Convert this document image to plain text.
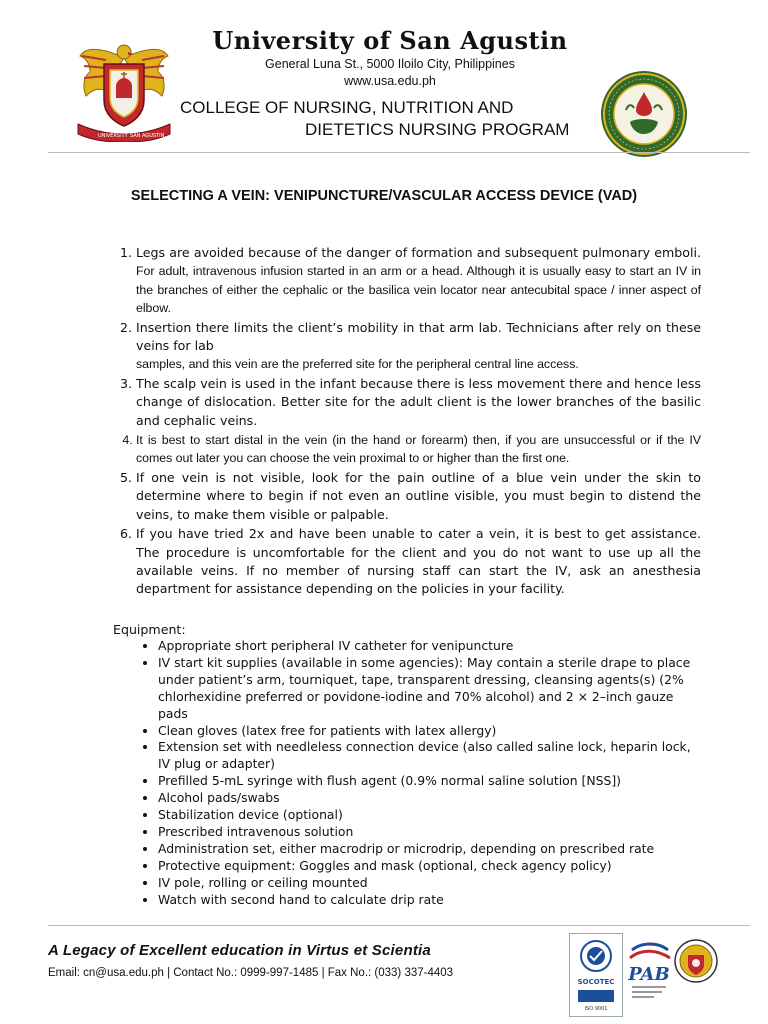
UNIVERSITY SAN AGUSTIN
University of San Agustin
General Luna St., 5000 Iloilo City, Philippines
www.usa.edu.ph
COLLEGE OF NURSING, NUTRITION AND
DIETETICS NURSING PROGRAM
SELECTING A VEIN: VENIPUNCTURE/VASCULAR ACCESS DEVICE (VAD)
1. Legs are avoided because of the danger of formation and subsequent pulmonary emboli. For adult, intravenous infusion started in an arm or a head. Although it is usually easy to start an IV in the branches of either the cephalic or the basilica vein locator near antecubital space / inner aspect of elbow.
2. Insertion there limits the client’s mobility in that arm lab. Technicians after rely on these veins for lab
samples, and this vein are the preferred site for the peripheral central line access.
3. The scalp vein is used in the infant because there is less movement there and hence less change of dislocation. Better site for the adult client is the lower branches of the basilic and cephalic veins.
4. It is best to start distal in the vein (in the hand or forearm) then, if you are unsuccessful or if the IV comes out later you can choose the vein proximal to or higher than the first one.
5. If one vein is not visible, look for the pain outline of a blue vein under the skin to determine where to begin if not even an outline visible, you must begin to distend the veins, to make them visible or palpable.
6. If you have tried 2x and have been unable to cater a vein, it is best to get assistance. The procedure is uncomfortable for the client and you do not want to use up all the available veins. If no member of nursing staff can start the IV, ask an anesthesia department for assistance depending on the policies in your facility.
Equipment:
• Appropriate short peripheral IV catheter for venipuncture
• IV start kit supplies (available in some agencies): May contain a sterile drape to place under patient’s arm, tourniquet, tape, transparent dressing, cleansing agents(s) (2% chlorhexidine preferred or povidone-iodine and 70% alcohol) and 2 × 2–inch gauze pads
• Clean gloves (latex free for patients with latex allergy)
• Extension set with needleless connection device (also called saline lock, heparin lock, IV plug or adapter)
• Prefilled 5-mL syringe with flush agent (0.9% normal saline solution [NSS])
• Alcohol pads/swabs
• Stabilization device (optional)
• Prescribed intravenous solution
• Administration set, either macrodrip or microdrip, depending on prescribed rate
• Protective equipment: Goggles and mask (optional, check agency policy)
• IV pole, rolling or ceiling mounted
• Watch with second hand to calculate drip rate
A Legacy of Excellent education in Virtus et Scientia
Email: cn@usa.edu.ph | Contact No.: 0999-997-1485 | Fax No.: (033) 337-4403
SOCOTEC
ISO 9001
PAB
